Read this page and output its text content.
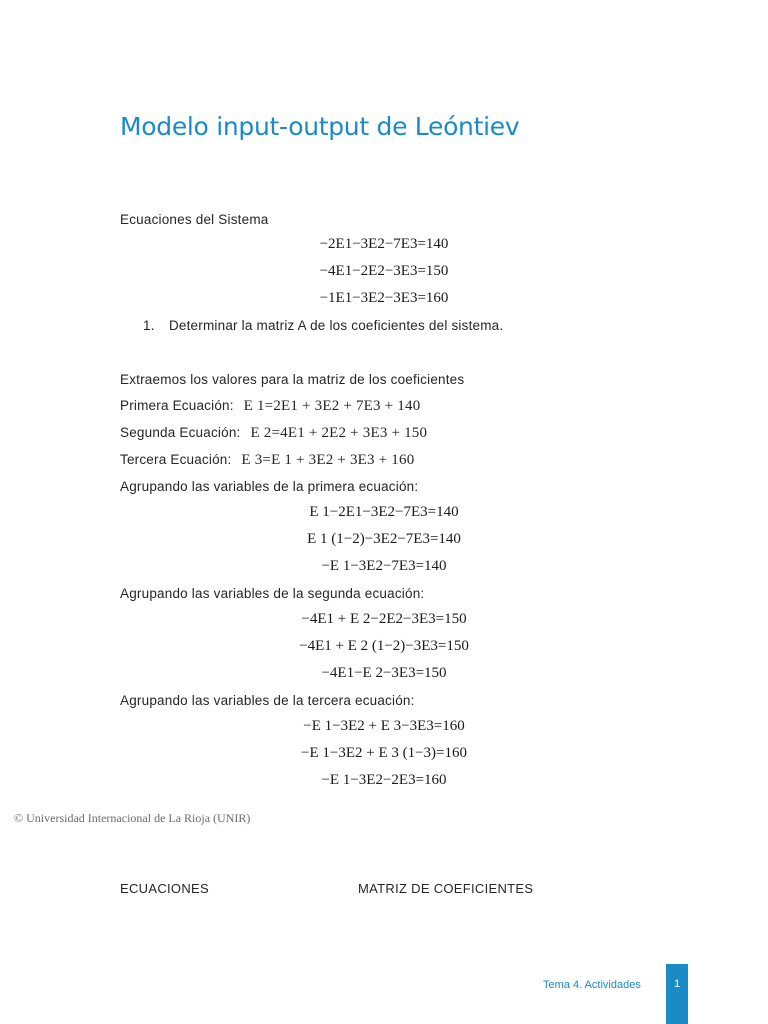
Modelo input-output de Leóntiev
Ecuaciones del Sistema
−2E1−3E2−7E3=140
−4E1−2E2−3E3=150
−1E1−3E2−3E3=160
1. Determinar la matriz A de los coeficientes del sistema.
Extraemos los valores para la matriz de los coeficientes
Primera Ecuación: E 1=2E1 + 3E2 + 7E3 + 140
Segunda Ecuación: E 2=4E1 + 2E2 + 3E3 + 150
Tercera Ecuación: E 3=E 1 + 3E2 + 3E3 + 160
Agrupando las variables de la primera ecuación:
E 1−2E1−3E2−7E3=140
E 1 (1−2)−3E2−7E3=140
−E 1−3E2−7E3=140
Agrupando las variables de la segunda ecuación:
−4E1 + E 2−2E2−3E3=150
−4E1 + E 2 (1−2)−3E3=150
−4E1−E 2−3E3=150
Agrupando las variables de la tercera ecuación:
−E 1−3E2 + E 3−3E3=160
−E 1−3E2 + E 3 (1−3)=160
−E 1−3E2−2E3=160
© Universidad Internacional de La Rioja (UNIR)
ECUACIONES	MATRIZ DE COEFICIENTES
Tema 4. Actividades	1
